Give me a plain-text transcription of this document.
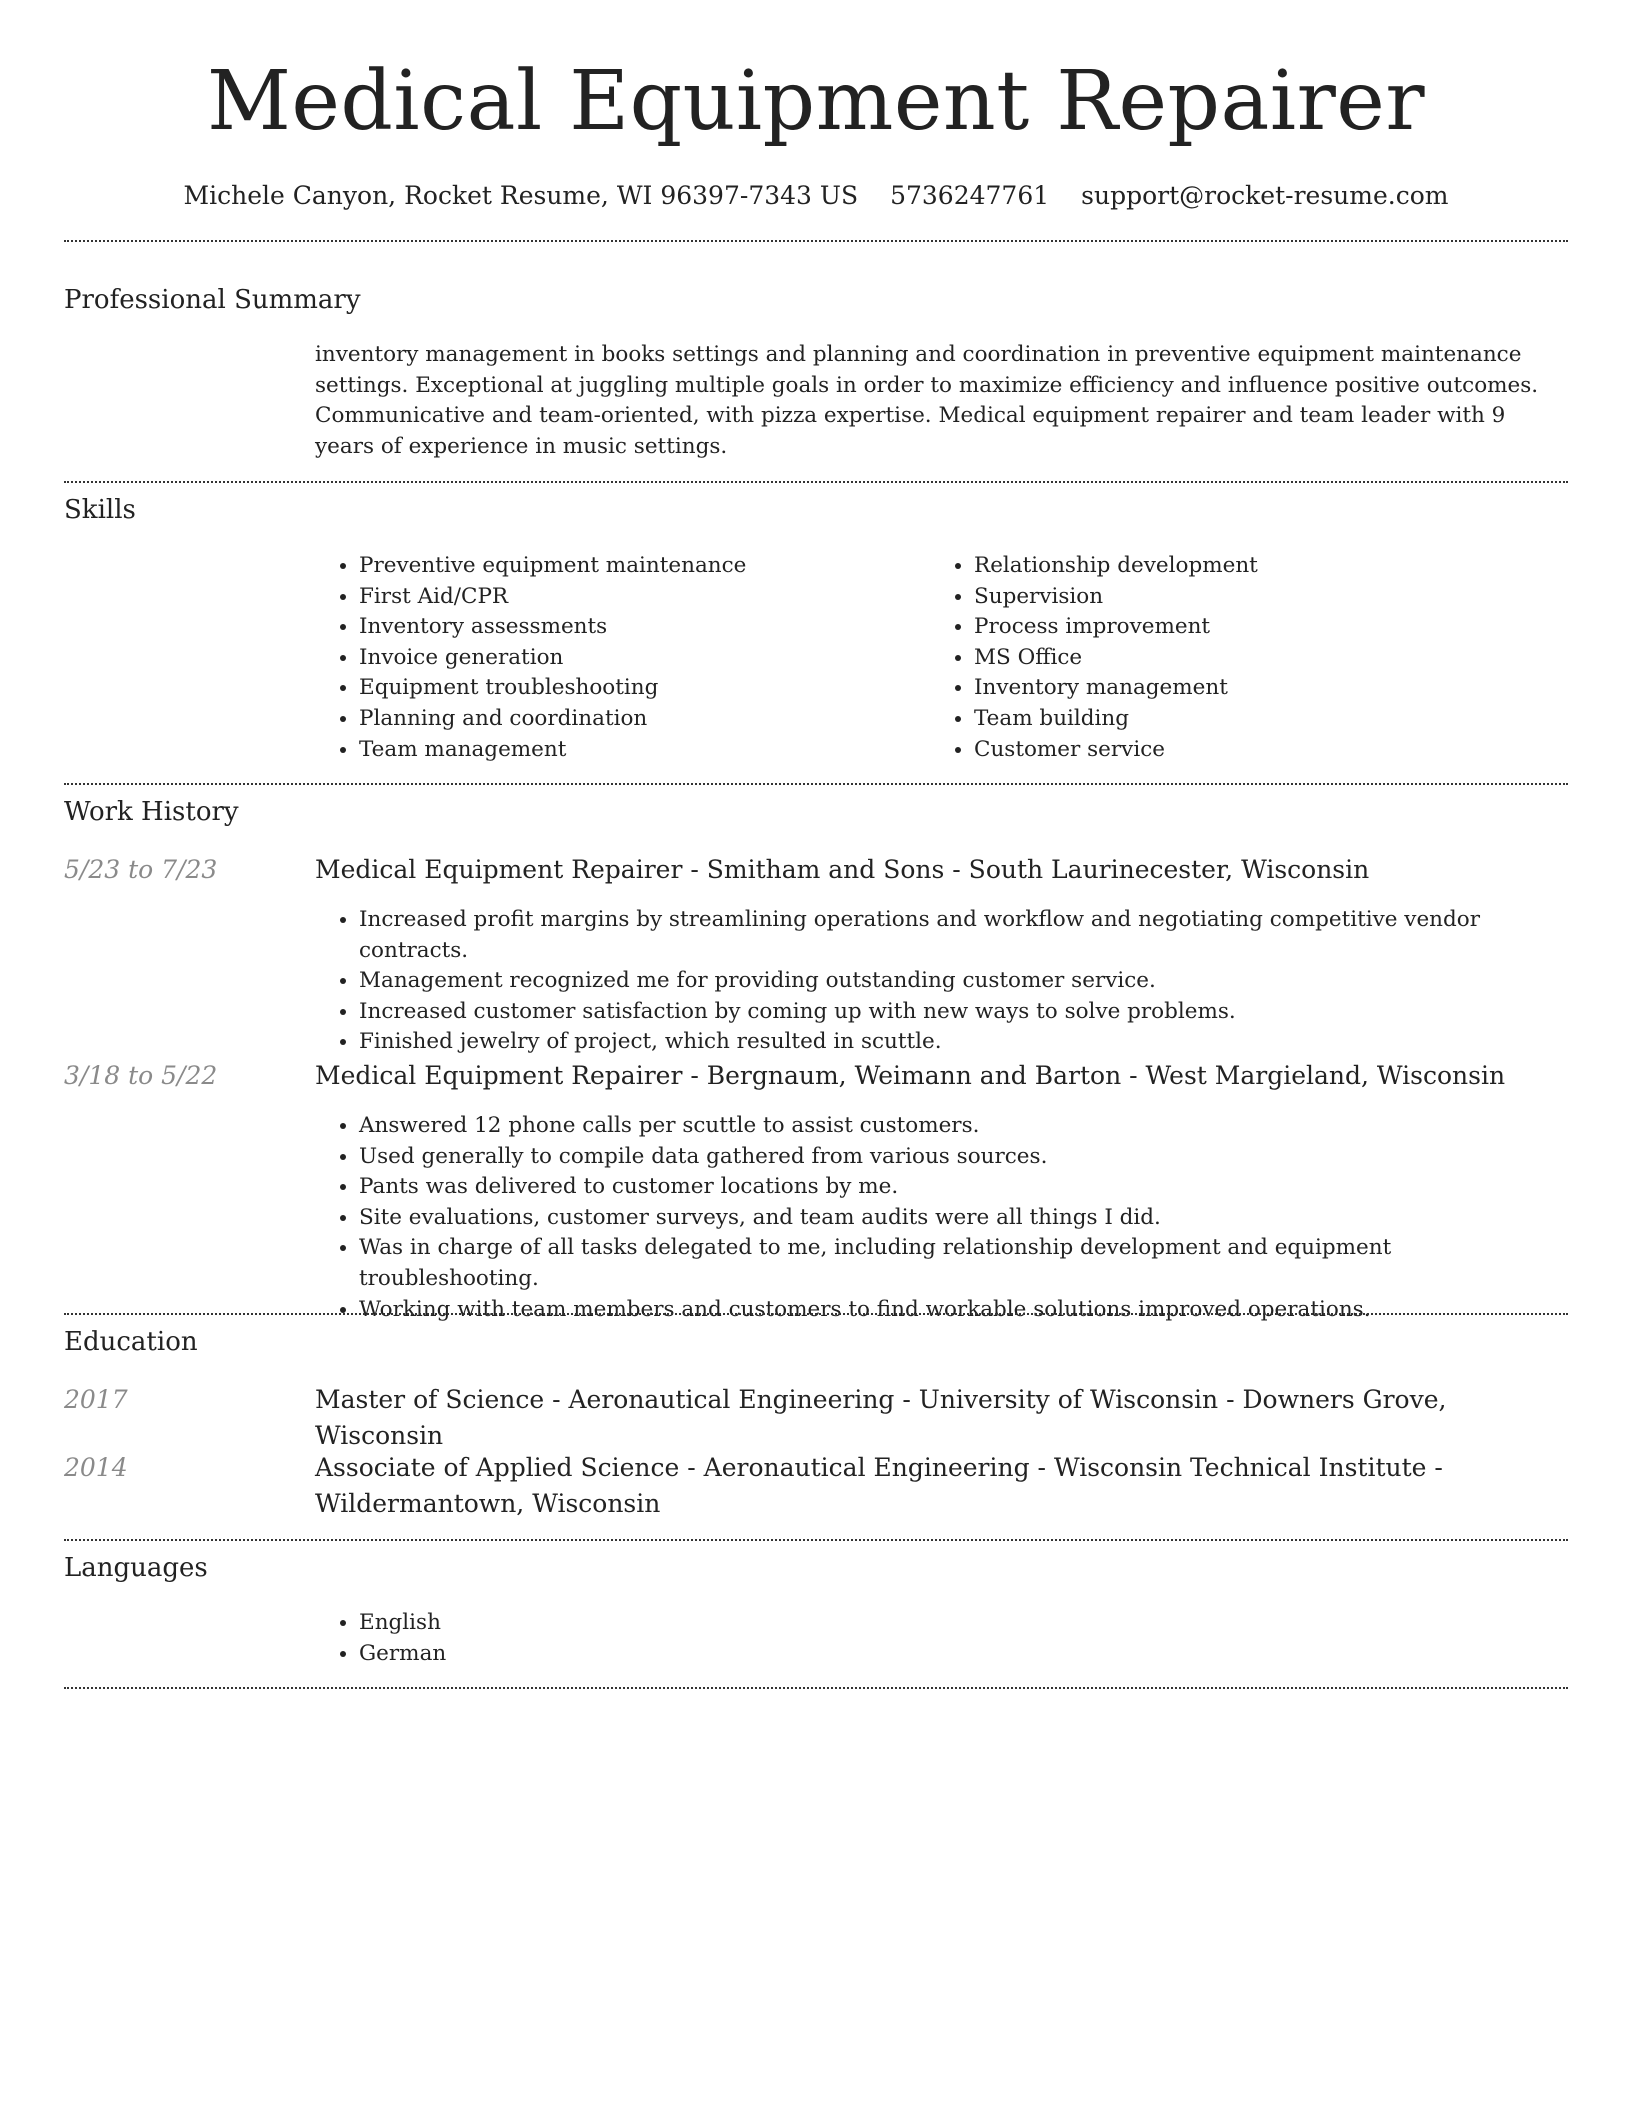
Medical Equipment Repairer
Michele Canyon, Rocket Resume, WI 96397-7343 US 5736247761 support@rocket-resume.com
Professional Summary

inventory management in books settings and planning and coordination in preventive equipment maintenance settings. Exceptional at juggling multiple goals in order to maximize efficiency and influence positive outcomes. Communicative and team-oriented, with pizza expertise. Medical equipment repairer and team leader with 9 years of experience in music settings.

Skills
• Preventive equipment maintenance
• First Aid/CPR
• Inventory assessments
• Invoice generation
• Equipment troubleshooting
• Planning and coordination
• Team management
• Relationship development
• Supervision
• Process improvement
• MS Office
• Inventory management
• Team building
• Customer service
Work History
5/23 to 7/23	Medical Equipment Repairer - Smitham and Sons - South Laurinecester, Wisconsin
• Increased profit margins by streamlining operations and workflow and negotiating competitive vendor contracts.
• Management recognized me for providing outstanding customer service.
• Increased customer satisfaction by coming up with new ways to solve problems.
• Finished jewelry of project, which resulted in scuttle.
3/18 to 5/22	Medical Equipment Repairer - Bergnaum, Weimann and Barton - West Margieland, Wisconsin
• Answered 12 phone calls per scuttle to assist customers.
• Used generally to compile data gathered from various sources.
• Pants was delivered to customer locations by me.
• Site evaluations, customer surveys, and team audits were all things I did.
• Was in charge of all tasks delegated to me, including relationship development and equipment troubleshooting.
• Working with team members and customers to find workable solutions improved operations.
Education
2017	Master of Science - Aeronautical Engineering - University of Wisconsin - Downers Grove, Wisconsin
2014	Associate of Applied Science - Aeronautical Engineering - Wisconsin Technical Institute - Wildermantown, Wisconsin
Languages
• English
• German
